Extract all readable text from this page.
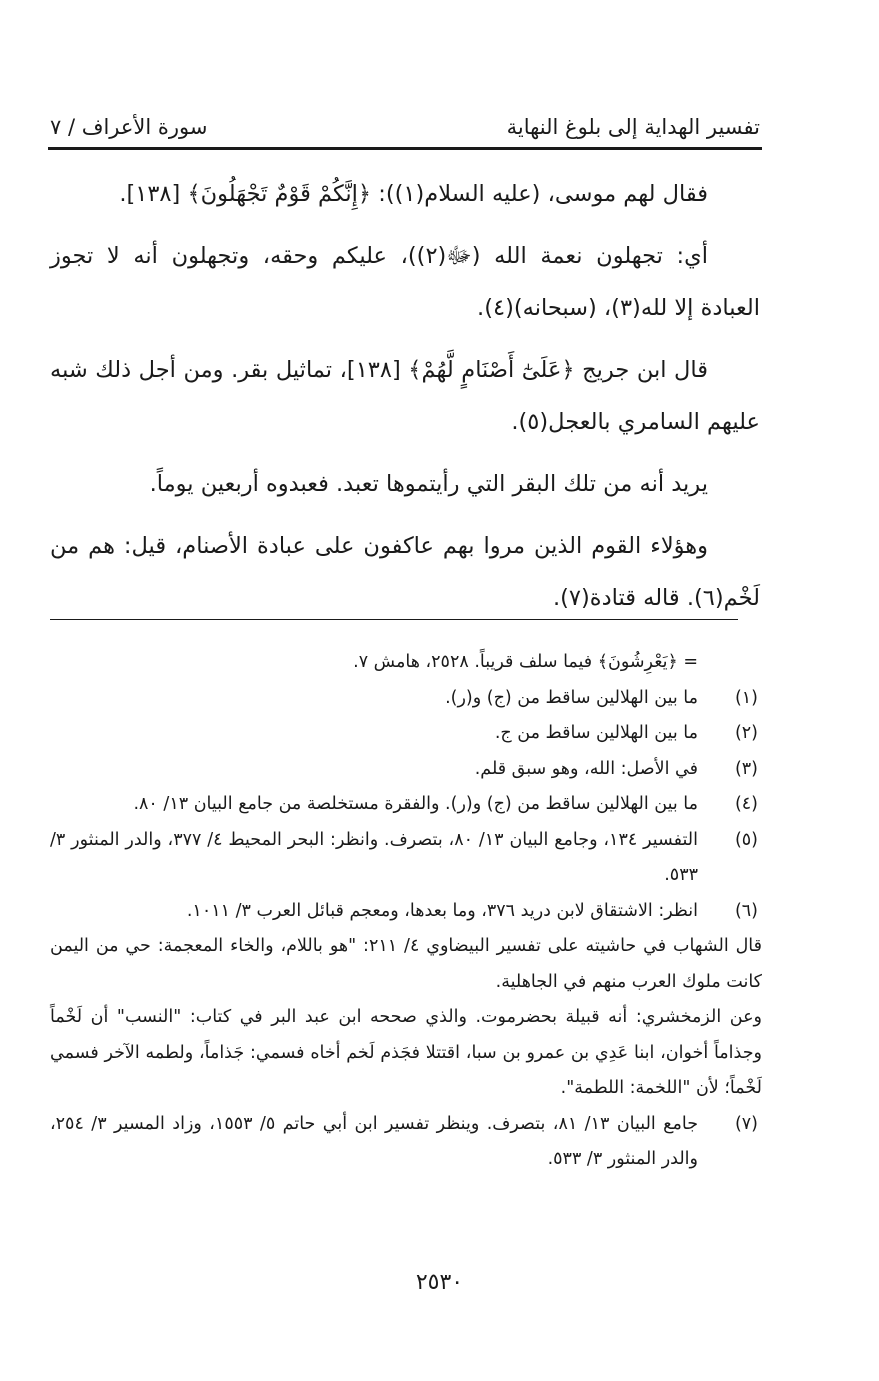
تفسير الهداية إلى بلوغ النهاية
سورة الأعراف / ٧

فقال لهم موسى، (عليه السلام(١)): ﴿إِنَّكُمْ قَوْمٌ تَجْهَلُونَ﴾ [١٣٨].

أي: تجهلون نعمة الله (ﷻ(٢))، عليكم وحقه، وتجهلون أنه لا تجوز العبادة إلا لله(٣)، (سبحانه)(٤).

قال ابن جريج ﴿عَلَىٰٓ أَصْنَامٍ لَّهُمْ﴾ [١٣٨]، تماثيل بقر. ومن أجل ذلك شبه عليهم السامري بالعجل(٥).

يريد أنه من تلك البقر التي رأيتموها تعبد. فعبدوه أربعين يوماً.

وهؤلاء القوم الذين مروا بهم عاكفون على عبادة الأصنام، قيل: هم من لَخْم(٦). قاله قتادة(٧).

= ﴿يَعْرِشُونَ﴾ فيما سلف قريباً. ٢٥٢٨، هامش ٧.
(١)
ما بين الهلالين ساقط من (ج) و(ر).
(٢)
ما بين الهلالين ساقط من ج.
(٣)
في الأصل: الله، وهو سبق قلم.
(٤)
ما بين الهلالين ساقط من (ج) و(ر). والفقرة مستخلصة من جامع البيان ١٣/ ٨٠.
(٥)
التفسير ١٣٤، وجامع البيان ١٣/ ٨٠، بتصرف. وانظر: البحر المحيط ٤/ ٣٧٧، والدر المنثور ٣/ ٥٣٣.
(٦)
انظر: الاشتقاق لابن دريد ٣٧٦، وما بعدها، ومعجم قبائل العرب ٣/ ١٠١١.

قال الشهاب في حاشيته على تفسير البيضاوي ٤/ ٢١١: "هو باللام، والخاء المعجمة: حي من اليمن كانت ملوك العرب منهم في الجاهلية.

وعن الزمخشري: أنه قبيلة بحضرموت. والذي صححه ابن عبد البر في كتاب: "النسب" أن لَخْماً وجذاماً أخوان، ابنا عَدِي بن عمرو بن سبا، اقتتلا فجَذم لَخم أخاه فسمي: جَذاماً، ولطمه الآخر فسمي لَخْماً؛ لأن "اللخمة: اللطمة".

(٧)
جامع البيان ١٣/ ٨١، بتصرف. وينظر تفسير ابن أبي حاتم ٥/ ١٥٥٣، وزاد المسير ٣/ ٢٥٤، والدر المنثور ٣/ ٥٣٣.
٢٥٣٠
